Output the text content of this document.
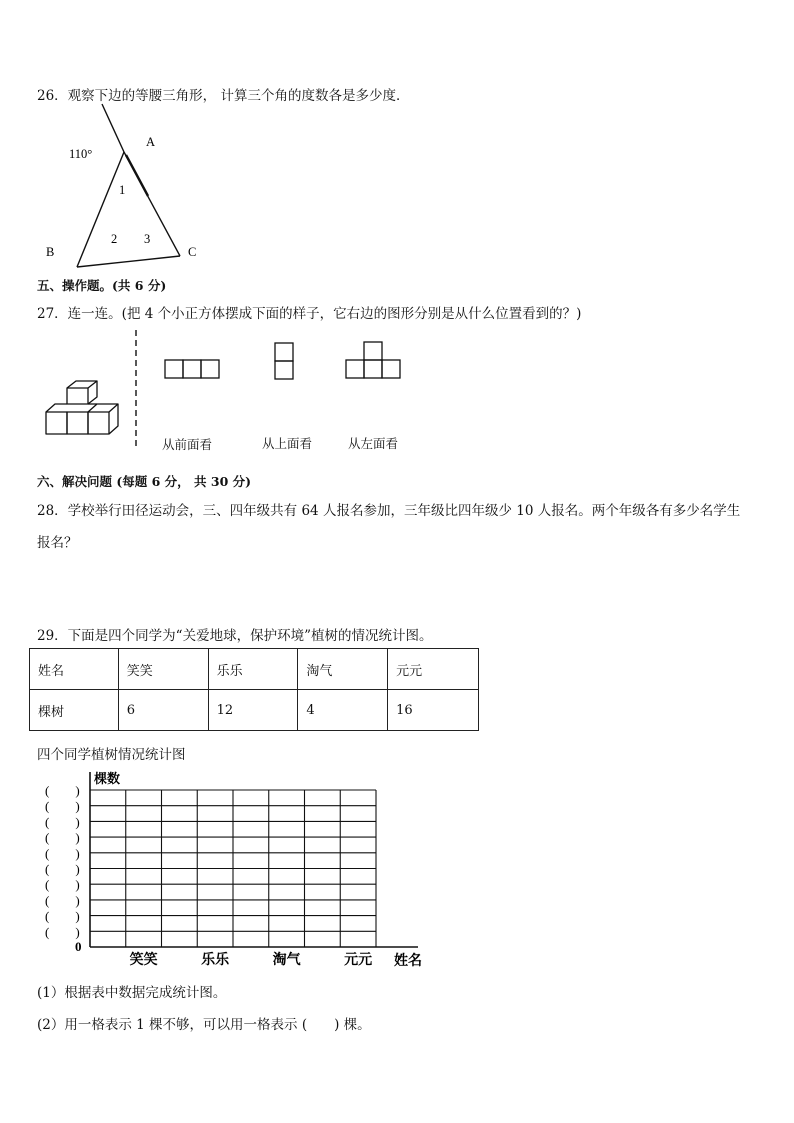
26．观察下边的等腰三角形， 计算三个角的度数各是多少度．
110°
A
B	C
1
2 3
五、操作题。(共 6 分)
27．连一连。(把 4 个小正方体摆成下面的样子，它右边的图形分别是从什么位置看到的？)
从前面看	从上面看	从左面看
六、解决问题 (每题 6 分， 共 30 分)
28．学校举行田径运动会，三、四年级共有 64 人报名参加，三年级比四年级少 10 人报名。两个年级各有多少名学生
报名？
29．下面是四个同学为“关爱地球，保护环境”植树的情况统计图。
姓名	笑笑	乐乐	淘气	元元
棵树	6	12	4	16
四个同学植树情况统计图
棵数
0
(　　)
(　　)
(　　)
(　　)
(　　)
(　　)
(　　)
(　　)
(　　)
(　　)
笑笑	乐乐	淘气	元元 姓名
(1）根据表中数据完成统计图。
(2）用一格表示 1 棵不够，可以用一格表示 (　　) 棵。
